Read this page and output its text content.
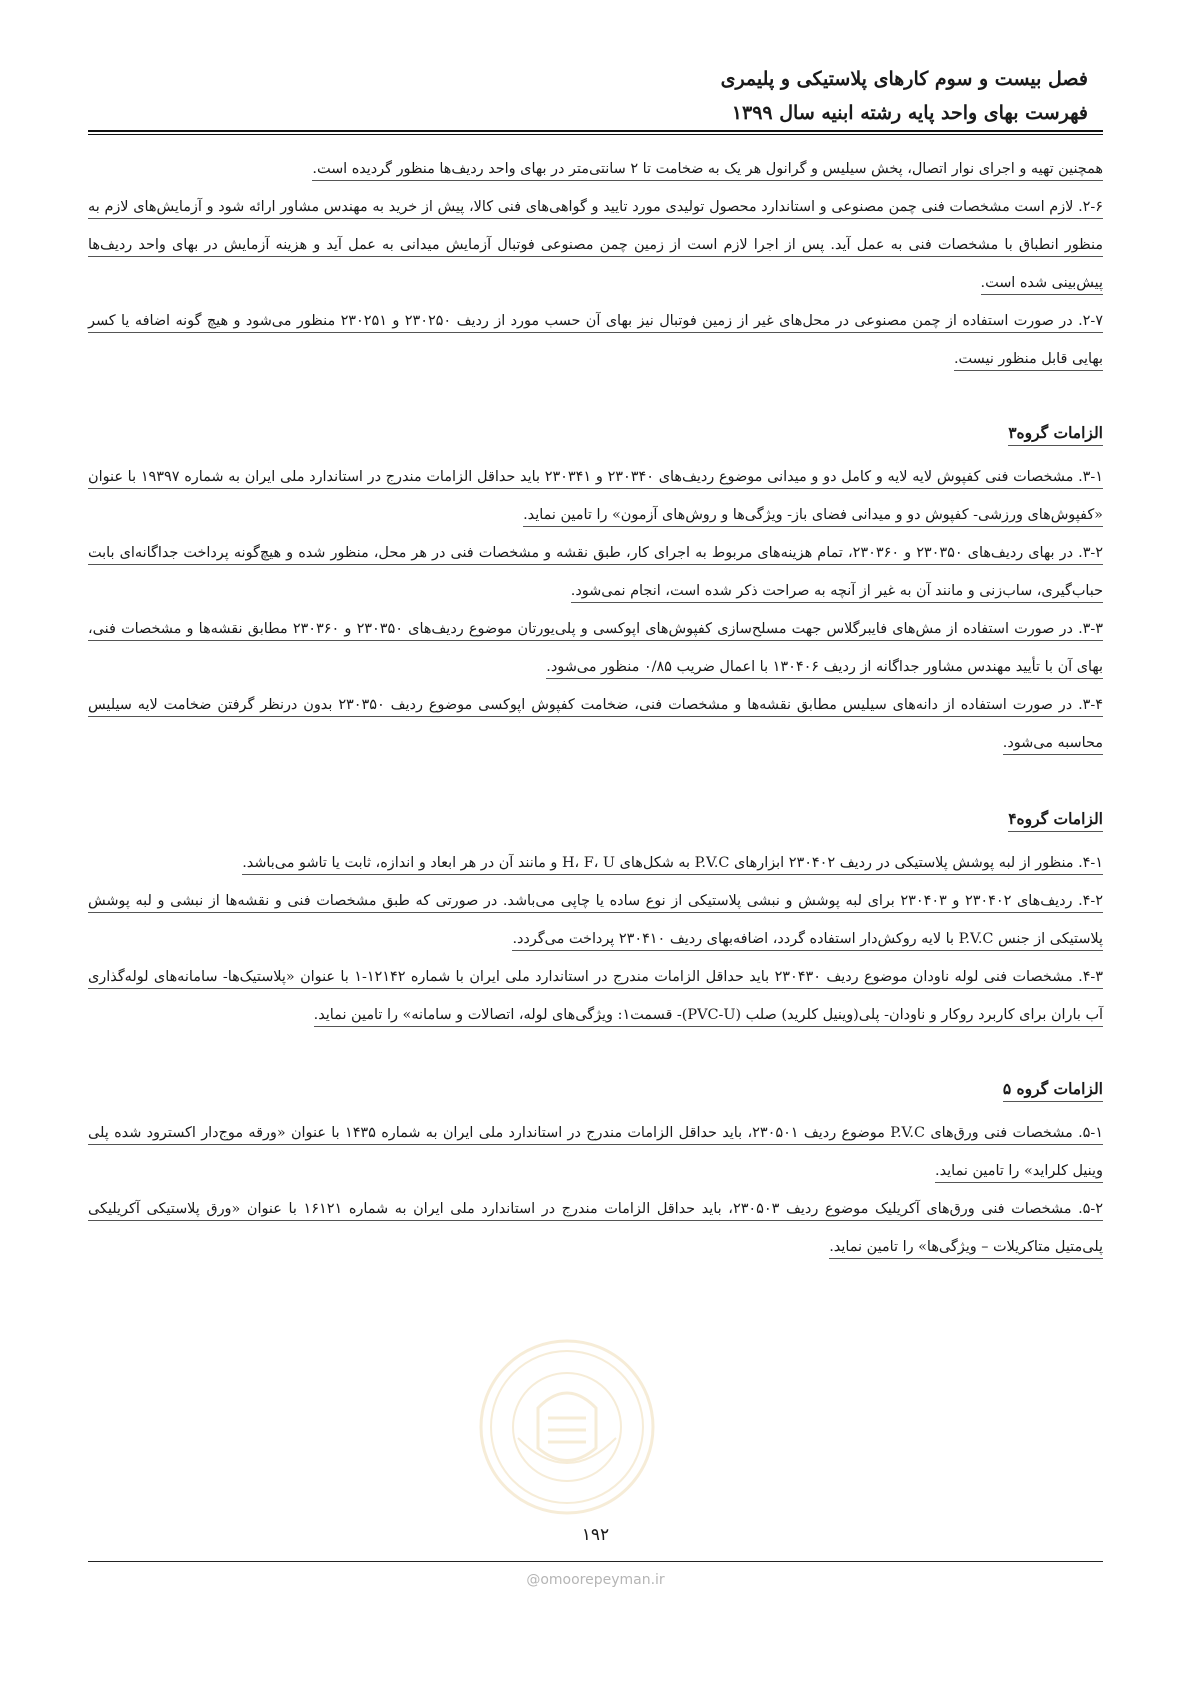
فصل بیست و سوم کارهای پلاستیکی و پلیمری
فهرست بهای واحد پایه رشته ابنیه سال ۱۳۹۹

همچنین تهیه و اجرای نوار اتصال، پخش سیلیس و گرانول هر یک به ضخامت تا ۲ سانتی‌متر در بهای واحد ردیف‌ها منظور گردیده است.

۲-۶. لازم است مشخصات فنی چمن مصنوعی و استاندارد محصول تولیدی مورد تایید و گواهی‌های فنی کالا، پیش از خرید به مهندس مشاور ارائه شود و آزمایش‌های لازم به منظور انطباق با مشخصات فنی به عمل آید. پس از اجرا لازم است از زمین چمن مصنوعی فوتبال آزمایش میدانی به عمل آید و هزینه آزمایش در بهای واحد ردیف‌ها پیش‌بینی شده است.

۲-۷. در صورت استفاده از چمن مصنوعی در محل‌های غیر از زمین فوتبال نیز بهای آن حسب مورد از ردیف ۲۳۰۲۵۰ و ۲۳۰۲۵۱ منظور می‌شود و هیچ گونه اضافه یا کسر بهایی قابل منظور نیست.

الزامات گروه۳

۳-۱. مشخصات فنی کفپوش لایه لایه و کامل دو و میدانی موضوع ردیف‌های ۲۳۰۳۴۰ و ۲۳۰۳۴۱ باید حداقل الزامات مندرج در استاندارد ملی ایران به شماره ۱۹۳۹۷ با عنوان «کفپوش‌های ورزشی- کفپوش دو و میدانی فضای باز- ویژگی‌ها و روش‌های آزمون» را تامین نماید.

۳-۲. در بهای ردیف‌های ۲۳۰۳۵۰ و ۲۳۰۳۶۰، تمام هزینه‌های مربوط به اجرای کار، طبق نقشه و مشخصات فنی در هر محل، منظور شده و هیچ‌گونه پرداخت جداگانه‌ای بابت حباب‌گیری، ساب‌زنی و مانند آن به غیر از آنچه به صراحت ذکر شده است، انجام نمی‌شود.

۳-۳. در صورت استفاده از مش‌های فایبرگلاس جهت مسلح‌سازی کفپوش‌های اپوکسی و پلی‌یورتان موضوع ردیف‌های ۲۳۰۳۵۰ و ۲۳۰۳۶۰ مطابق نقشه‌ها و مشخصات فنی، بهای آن با تأیید مهندس مشاور جداگانه از ردیف ۱۳۰۴۰۶ با اعمال ضریب ۰/۸۵ منظور می‌شود.

۳-۴. در صورت استفاده از دانه‌های سیلیس مطابق نقشه‌ها و مشخصات فنی، ضخامت کفپوش اپوکسی موضوع ردیف ۲۳۰۳۵۰ بدون درنظر گرفتن ضخامت لایه سیلیس محاسبه می‌شود.

الزامات گروه۴

۴-۱. منظور از لبه پوشش پلاستیکی در ردیف ۲۳۰۴۰۲ ابزارهای P.V.C به شکل‌های H، F، U و مانند آن در هر ابعاد و اندازه، ثابت یا تاشو می‌باشد.

۴-۲. ردیف‌های ۲۳۰۴۰۲ و ۲۳۰۴۰۳ برای لبه پوشش و نبشی پلاستیکی از نوع ساده یا چاپی می‌باشد. در صورتی که طبق مشخصات فنی و نقشه‌ها از نبشی و لبه پوشش پلاستیکی از جنس P.V.C با لایه روکش‌دار استفاده گردد، اضافه‌بهای ردیف ۲۳۰۴۱۰ پرداخت می‌گردد.

۴-۳. مشخصات فنی لوله ناودان موضوع ردیف ۲۳۰۴۳۰ باید حداقل الزامات مندرج در استاندارد ملی ایران با شماره ۱۲۱۴۲-۱ با عنوان «پلاستیک‌ها- سامانه‌های لوله‌گذاری آب باران برای کاربرد روکار و ناودان- پلی(وینیل کلرید) صلب (PVC-U)- قسمت۱: ویژگی‌های لوله، اتصالات و سامانه» را تامین نماید.

الزامات گروه ۵

۵-۱. مشخصات فنی ورق‌های P.V.C موضوع ردیف ۲۳۰۵۰۱، باید حداقل الزامات مندرج در استاندارد ملی ایران به شماره ۱۴۳۵ با عنوان «ورقه موج‌دار اکسترود شده پلی وینیل کلراید» را تامین نماید.

۵-۲. مشخصات فنی ورق‌های آکریلیک موضوع ردیف ۲۳۰۵۰۳، باید حداقل الزامات مندرج در استاندارد ملی ایران به شماره ۱۶۱۲۱ با عنوان «ورق پلاستیکی آکریلیکی پلی‌متیل متاکریلات – ویژگی‌ها» را تامین نماید.

۱۹۲
@omoorepeyman.ir
